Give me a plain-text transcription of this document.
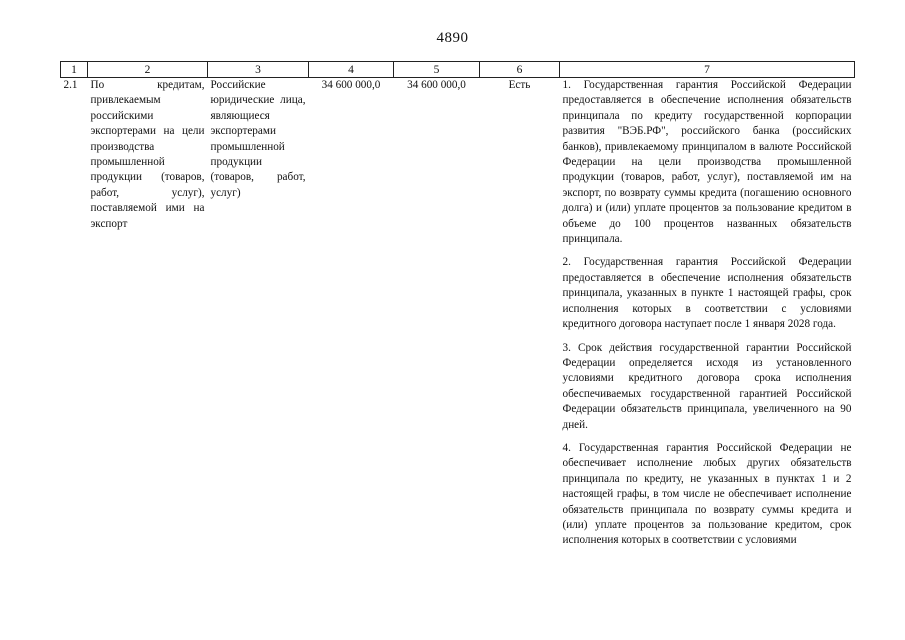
4890
1	2	3	4	5	6	7
2.1	По кредитам, привлекаемым российскими экспортерами на цели производства промышленной продукции (товаров, работ, услуг), поставляемой ими на экспорт	Российские юридические лица, являющиеся экспортерами промышленной продукции (товаров, работ, услуг)	34 600 000,0	34 600 000,0	Есть	1. Государственная гарантия Российской Федерации предоставляется в обеспечение исполнения обязательств принципала по кредиту государственной корпорации развития "ВЭБ.РФ", российского банка (российских банков), привлекаемому принципалом в валюте Российской Федерации на цели производства промышленной продукции (товаров, работ, услуг), поставляемой им на экспорт, по возврату суммы кредита (погашению основного долга) и (или) уплате процентов за пользование кредитом в объеме до 100 процентов названных обязательств принципала.

2. Государственная гарантия Российской Федерации предоставляется в обеспечение исполнения обязательств принципала, указанных в пункте 1 настоящей графы, срок исполнения которых в соответствии с условиями кредитного договора наступает после 1 января 2028 года.

3. Срок действия государственной гарантии Российской Федерации определяется исходя из установленного условиями кредитного договора срока исполнения обеспечиваемых государственной гарантией Российской Федерации обязательств принципала, увеличенного на 90 дней.

4. Государственная гарантия Российской Федерации не обеспечивает исполнение любых других обязательств принципала по кредиту, не указанных в пунктах 1 и 2 настоящей графы, в том числе не обеспечивает исполнение обязательств принципала по возврату суммы кредита и (или) уплате процентов за пользование кредитом, срок исполнения которых в соответствии с условиями
